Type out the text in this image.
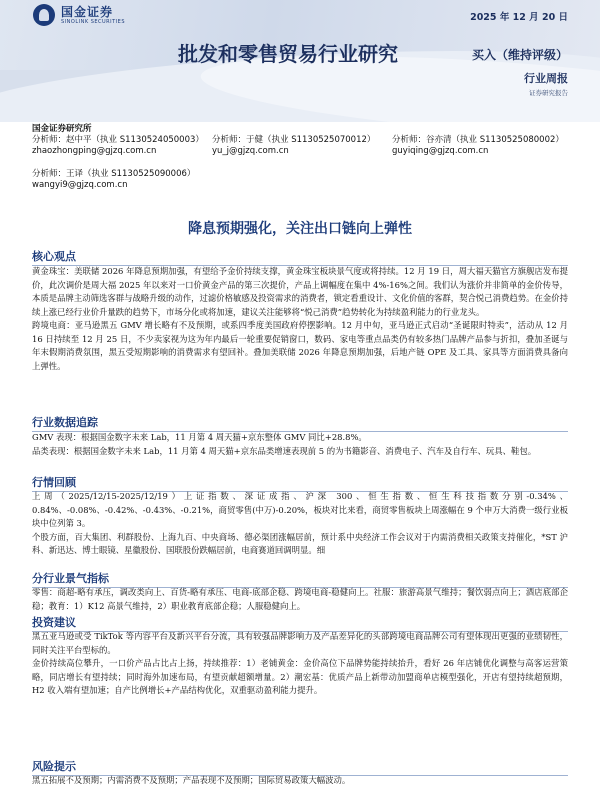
国金证券
SINOLINK SECURITIES	2025 年 12 月 20 日
批发和零售贸易行业研究	买入（维持评级）
行业周报
证券研究报告
国金证券研究所
分析师：赵中平（执业 S1130524050003）
zhaozhongping@gjzq.com.cn
分析师：于健（执业 S1130525070012）
yu_j@gjzq.com.cn
分析师：谷亦清（执业 S1130525080002）
guyiqing@gjzq.com.cn
分析师：王译（执业 S1130525090006）
wangyi9@gjzq.com.cn
降息预期强化，关注出口链向上弹性
核心观点

黄金珠宝：美联储 2026 年降息预期加强，有望给予金价持续支撑，黄金珠宝板块景气度或将持续。12 月 19 日，周大福天猫官方旗舰店发布提价，此次调价是周大福 2025 年以来对一口价黄金产品的第三次提价，产品上调幅度在集中 4%-16%之间。我们认为涨价并非简单的金价传导，本质是品牌主动筛选客群与战略升级的动作，过滤价格敏感及投资需求的消费者，锁定看重设计、文化价值的客群，契合悦己消费趋势。在金价持续上涨已经行业价升量跌的趋势下，市场分化或将加速，建议关注能够将“悦己消费”趋势转化为持续盈利能力的行业龙头。

跨境电商：亚马逊黑五 GMV 增长略有不及预期，或系四季度美国政府停摆影响。12 月中旬，亚马逊正式启动“圣诞限时特卖”，活动从 12 月 16 日持续至 12 月 25 日，不少卖家视为这为年内最后一轮重要促销窗口，数码、家电等重点品类仍有较多热门品牌产品参与折扣，叠加圣诞与年末假期消费氛围，黑五受短期影响的消费需求有望回补。叠加美联储 2026 年降息预期加强，后地产链 OPE 及工具、家具等方面消费具备向上弹性。

行业数据追踪

GMV 表现：根据国金数字未来 Lab，11 月第 4 周天猫+京东整体 GMV 同比+28.8%。

品类表现：根据国金数字未来 Lab，11 月第 4 周天猫+京东品类增速表现前 5 的为书籍影音、消费电子、汽车及自行车、玩具、鞋包。

行情回顾

上周（2025/12/15-2025/12/19）上证指数、深证成指、沪深 300、恒生指数、恒生科技指数分别-0.34%、0.84%、-0.08%、-0.42%、-0.43%、-0.21%，商贸零售(中万)-0.20%，板块对比来看，商贸零售板块上周涨幅在 9 个申万大消费一级行业板块中位列第 3。

个股方面，百大集团、利群股份、上海九百、中央商场、德必渠团涨幅居前，预计系中央经济工作会议对于内需消费相关政策支持催化，*ST 沪科、新迅达、博士眼镜、星徽股份、国联股份跌幅居前，电商赛道回调明显。细

分行业景气指标

零售：商超-略有承压，调改类向上、百货-略有承压、电商-底部企稳、跨境电商-稳健向上。社服：旅游高景气维持；餐饮弱点向上；酒店底部企稳；教育：1）K12 高景气维持，2）职业教育底部企稳；人服稳健向上。

投资建议

黑五亚马逊或受 TikTok 等内容平台及新兴平台分流，具有较强品牌影响力及产品差异化的头部跨境电商品牌公司有望体现出更强的业绩韧性，同时关注平台型标的。

金价持续高位攀升，一口价产品占比占上扬，持续推荐：1）老铺黄金：金价高位下品牌势能持续抬升，看好 26 年店铺优化调整与高客运营策略，同店增长有望持续；同时海外加速布局，有望贡献超额增量。2）潮宏基：优质产品上新带动加盟商单店模型强化，开店有望持续超预期，H2 收入端有望加速；自产比例增长+产品结构优化，双重驱动盈利能力提升。

风险提示

黑五拓展不及预期；内需消费不及预期；产品表现不及预期；国际贸易政策大幅波动。
